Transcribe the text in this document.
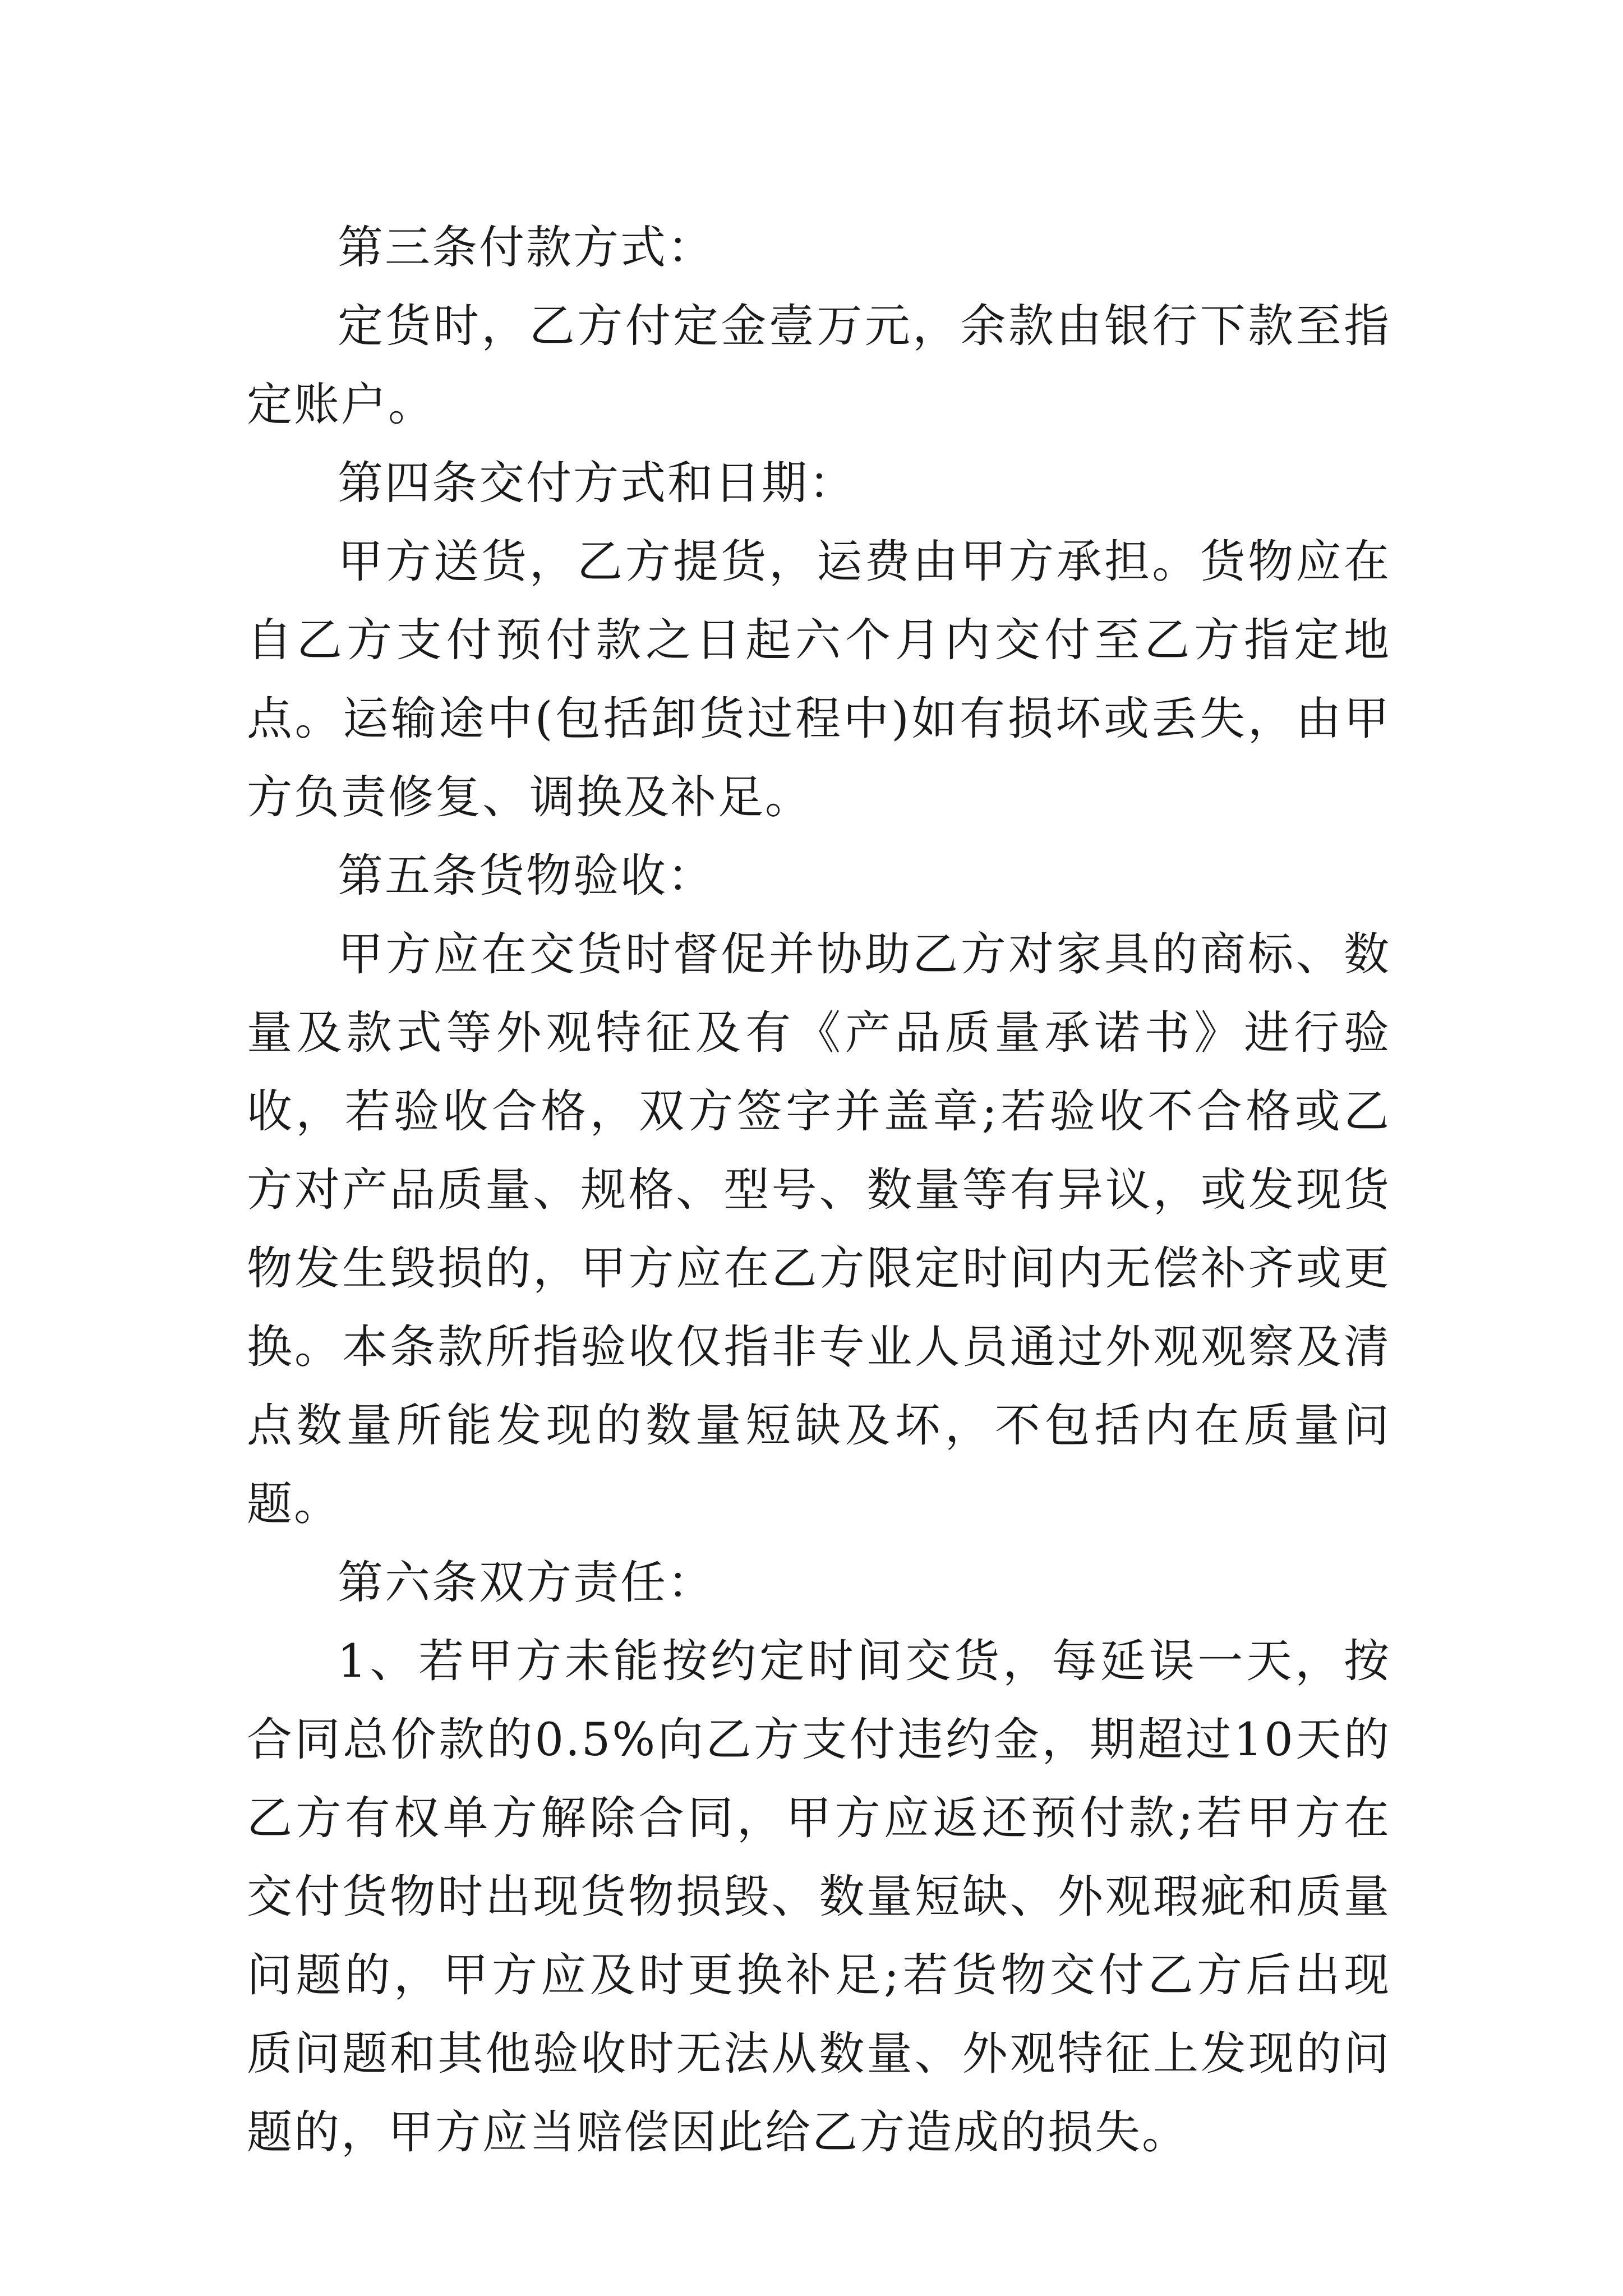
第三条付款方式：

定货时，乙方付定金壹万元，余款由银行下款至指定账户。

第四条交付方式和日期：

甲方送货，乙方提货，运费由甲方承担。货物应在自乙方支付预付款之日起六个月内交付至乙方指定地点。运输途中(包括卸货过程中)如有损坏或丢失，由甲方负责修复、调换及补足。

第五条货物验收：

甲方应在交货时督促并协助乙方对家具的商标、数量及款式等外观特征及有《产品质量承诺书》进行验收，若验收合格，双方签字并盖章;若验收不合格或乙方对产品质量、规格、型号、数量等有异议，或发现货物发生毁损的，甲方应在乙方限定时间内无偿补齐或更换。本条款所指验收仅指非专业人员通过外观观察及清点数量所能发现的数量短缺及坏，不包括内在质量问题。

第六条双方责任：

1、若甲方未能按约定时间交货，每延误一天，按合同总价款的0.5%向乙方支付违约金，期超过10天的乙方有权单方解除合同，甲方应返还预付款;若甲方在交付货物时出现货物损毁、数量短缺、外观瑕疵和质量问题的，甲方应及时更换补足;若货物交付乙方后出现质问题和其他验收时无法从数量、外观特征上发现的问题的，甲方应当赔偿因此给乙方造成的损失。
